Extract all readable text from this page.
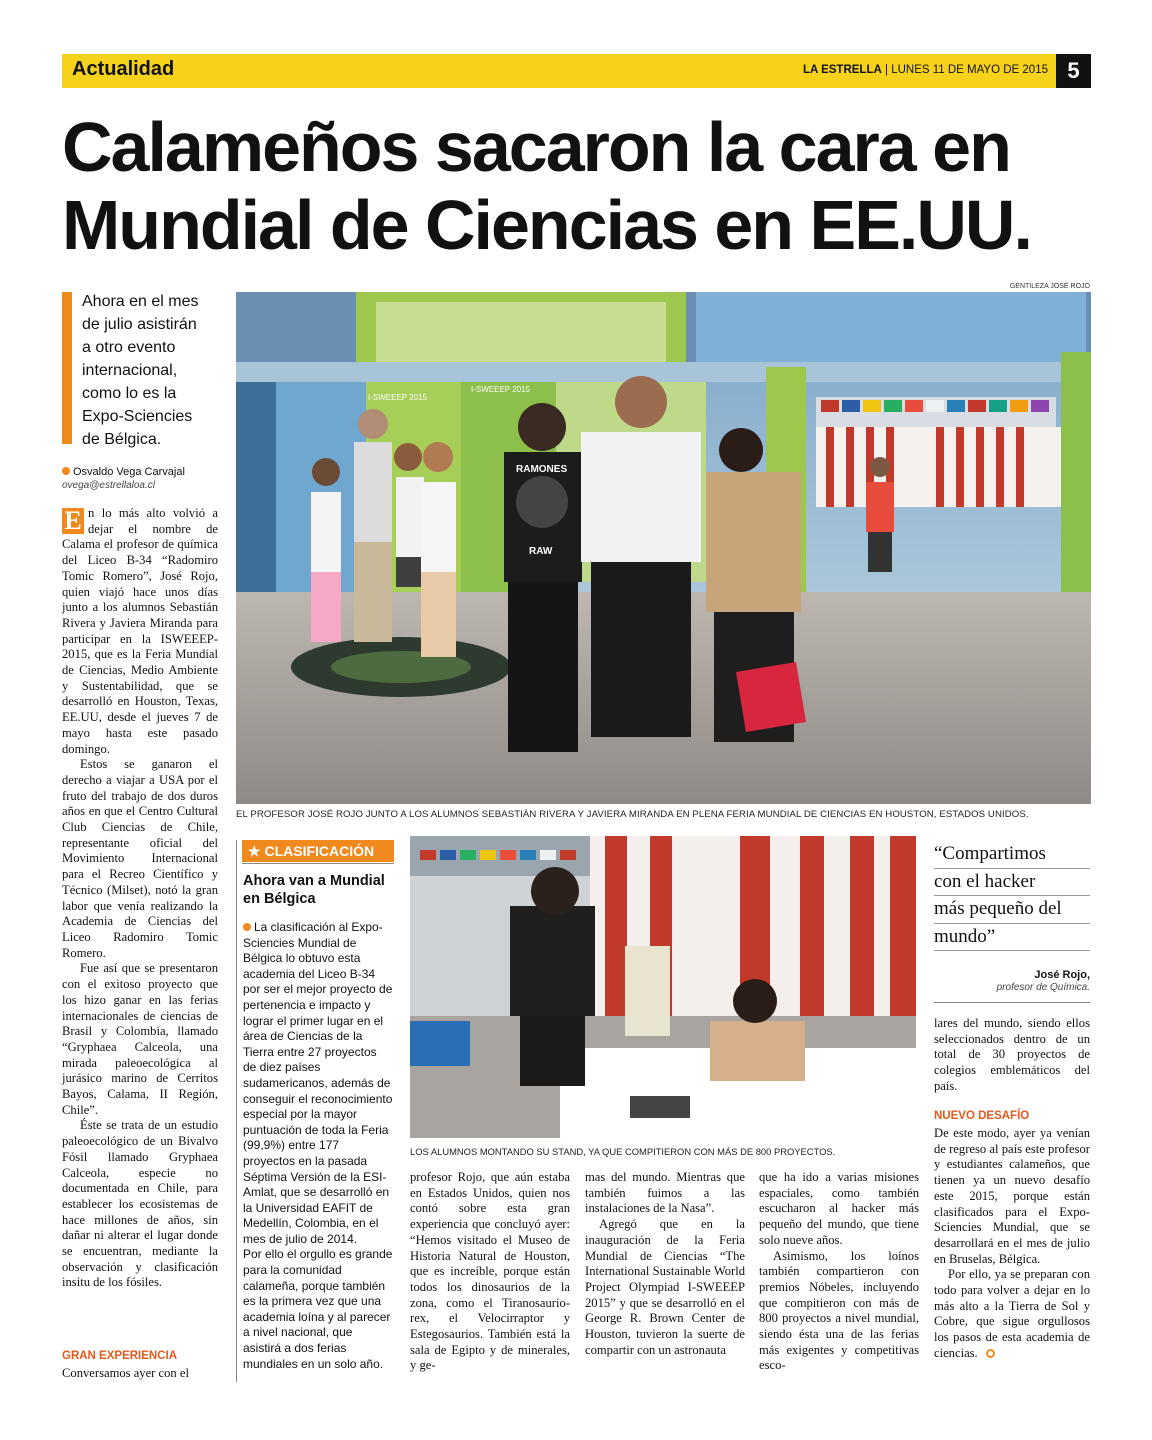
Actualidad	LA ESTRELLA | LUNES 11 DE MAYO DE 2015 5
Calameños sacaron la cara en
Mundial de Ciencias en EE.UU.
Ahora en el mes
de julio asistirán
a otro evento
internacional,
como lo es la
Expo-Sciencies
de Bélgica.
Osvaldo Vega Carvajal
ovega@estrellaloa.cl

E n lo más alto volvió a dejar el nombre de Calama el profesor de química del Liceo B-34 “Radomiro Tomic Romero”, José Rojo, quien viajó hace unos días junto a los alumnos Sebastián Rivera y Javiera Miranda para participar en la ISWEEEP-2015, que es la Feria Mundial de Ciencias, Medio Ambiente y Sustentabilidad, que se desarrolló en Houston, Texas, EE.UU, desde el jueves 7 de mayo hasta este pasado domingo.

Estos se ganaron el derecho a viajar a USA por el fruto del trabajo de dos duros años en que el Centro Cultural Club Ciencias de Chile, representante oficial del Movimiento Internacional para el Recreo Científico y Técnico (Milset), notó la gran labor que venía realizando la Academia de Ciencias del Liceo Radomiro Tomic Romero.

Fue así que se presentaron con el exitoso proyecto que los hizo ganar en las ferias internacionales de ciencias de Brasil y Colombia, llamado “Gryphaea Calceola, una mirada paleoecológica al jurásico marino de Cerritos Bayos, Calama, II Región, Chile”.

Éste se trata de un estudio paleoecológico de un Bivalvo Fósil llamado Gryphaea Calceola, especie no documentada en Chile, para establecer los ecosistemas de hace millones de años, sin dañar ni alterar el lugar donde se encuentran, mediante la observación y clasificación insitu de los fósiles.

GRAN EXPERIENCIA

Conversamos ayer con el

GENTILEZA JOSÉ ROJO
I-SWEEEP 2015
I-SWEEEP 2015
RAMONES
RAW
EL PROFESOR JOSÉ ROJO JUNTO A LOS ALUMNOS SEBASTIÁN RIVERA Y JAVIERA MIRANDA EN PLENA FERIA MUNDIAL DE CIENCIAS EN HOUSTON, ESTADOS UNIDOS.
★ CLASIFICACIÓN
Ahora van a Mundial en Bélgica

La clasificación al Expo-Sciencies Mundial de Bélgica lo obtuvo esta academia del Liceo B-34 por ser el mejor proyecto de pertenencia e impacto y lograr el primer lugar en el área de Ciencias de la Tierra entre 27 proyectos de diez países sudamericanos, además de conseguir el reconocimiento especial por la mayor puntuación de toda la Feria (99,9%) entre 177 proyectos en la pasada Séptima Versión de la ESI-Amlat, que se desarrolló en la Universidad EAFIT de Medellín, Colombia, en el mes de julio de 2014.

Por ello el orgullo es grande para la comunidad calameña, porque también es la primera vez que una academia loína y al parecer a nivel nacional, que asistirá a dos ferias mundiales en un solo año.

LOS ALUMNOS MONTANDO SU STAND, YA QUE COMPITIERON CON MÁS DE 800 PROYECTOS.

profesor Rojo, que aún estaba en Estados Unidos, quien nos contó sobre esta gran experiencia que concluyó ayer: “Hemos visitado el Museo de Historia Natural de Houston, que es increíble, porque están todos los dinosaurios de la zona, como el Tiranosaurio-rex, el Velocirraptor y Estegosaurios. También está la sala de Egipto y de minerales, y ge-

mas del mundo. Mientras que también fuimos a las instalaciones de la Nasa”.

Agregó que en la inauguración de la Feria Mundial de Ciencias “The International Sustainable World Project Olympiad I-SWEEEP 2015” y que se desarrolló en el George R. Brown Center de Houston, tuvieron la suerte de compartir con un astronauta

que ha ido a varias misiones espaciales, como también escucharon al hacker más pequeño del mundo, que tiene solo nueve años.

Asimismo, los loínos también compartieron con premios Nóbeles, incluyendo que compitieron con más de 800 proyectos a nivel mundial, siendo ésta una de las ferias más exigentes y competitivas esco-

“Compartimos
con el hacker
más pequeño del
mundo”
José Rojo,
profesor de Química.

lares del mundo, siendo ellos seleccionados dentro de un total de 30 proyectos de colegios emblemáticos del país.

NUEVO DESAFÍO

De este modo, ayer ya venían de regreso al país este profesor y estudiantes calameños, que tienen ya un nuevo desafío este 2015, porque están clasificados para el Expo-Sciencies Mundial, que se desarrollará en el mes de julio en Bruselas, Bélgica.

Por ello, ya se preparan con todo para volver a dejar en lo más alto a la Tierra de Sol y Cobre, que sigue orgullosos los pasos de esta academia de ciencias.
